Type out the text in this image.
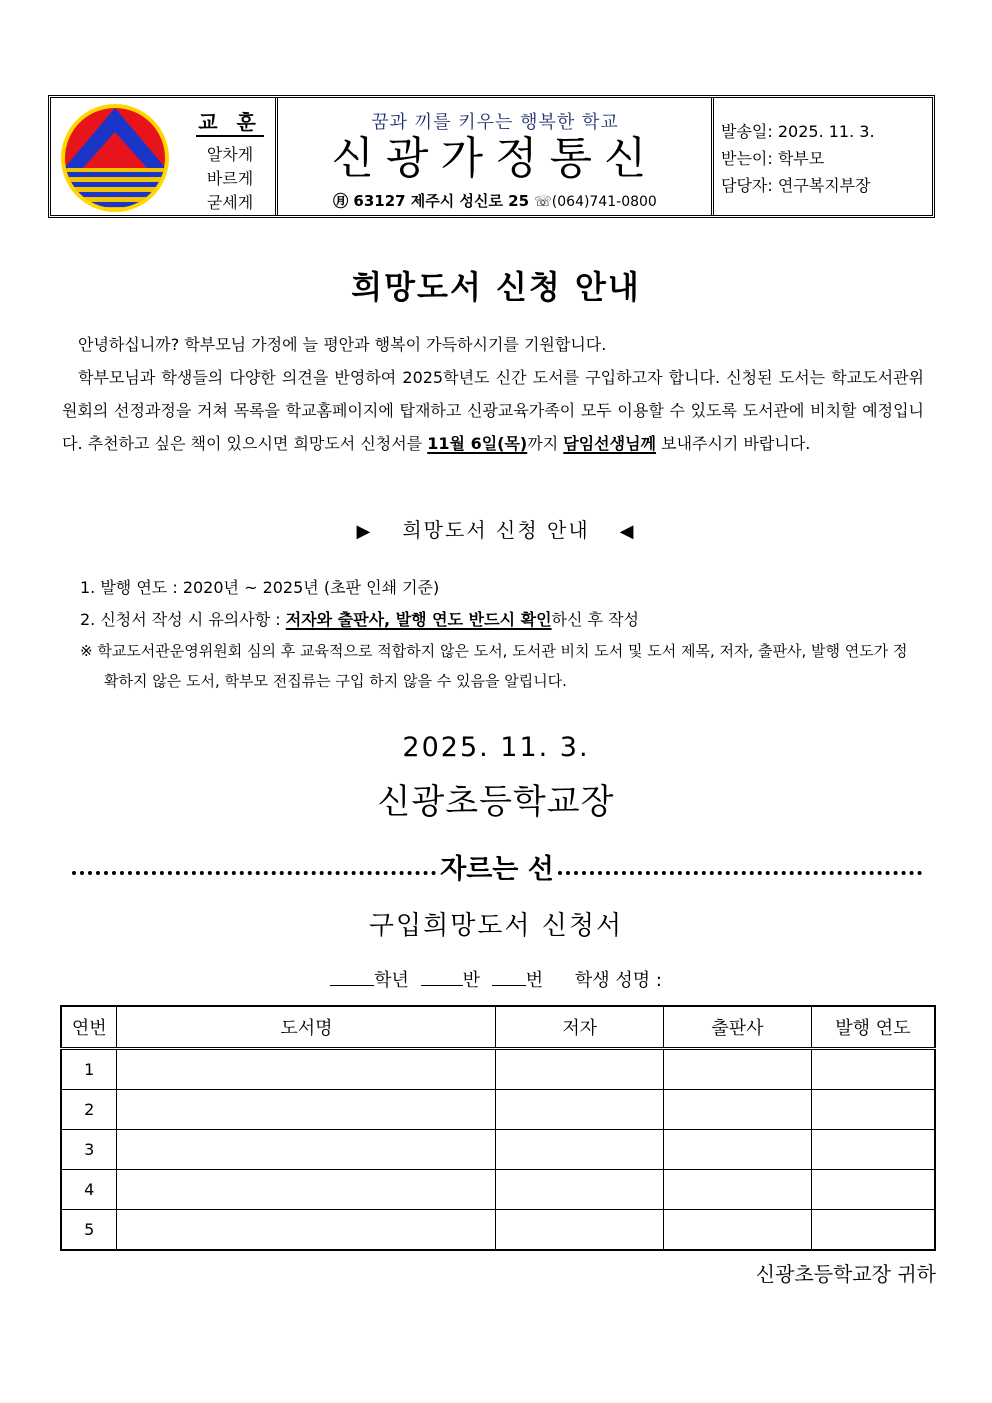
교 훈
알차게
바르게
굳세게
꿈과 끼를 키우는 행복한 학교
신광가정통신
㊊ 63127 제주시 성신로 25 ☏(064)741-0800
발송일: 2025. 11. 3.
받는이: 학부모
담당자: 연구복지부장
희망도서 신청 안내

안녕하십니까? 학부모님 가정에 늘 평안과 행복이 가득하시기를 기원합니다.

학부모님과 학생들의 다양한 의견을 반영하여 2025학년도 신간 도서를 구입하고자 합니다. 신청된 도서는 학교도서관위원회의 선정과정을 거쳐 목록을 학교홈페이지에 탑재하고 신광교육가족이 모두 이용할 수 있도록 도서관에 비치할 예정입니다. 추천하고 싶은 책이 있으시면 희망도서 신청서를 11월 6일(목)까지 담임선생님께 보내주시기 바랍니다.

▶ 희망도서 신청 안내 ◀
1. 발행 연도 : 2020년 ~ 2025년 (초판 인쇄 기준)
2. 신청서 작성 시 유의사항 : 저자와 출판사, 발행 연도 반드시 확인하신 후 작성
※ 학교도서관운영위원회 심의 후 교육적으로 적합하지 않은 도서, 도서관 비치 도서 및 도서 제목, 저자, 출판사, 발행 연도가 정확하지 않은 도서, 학부모 전집류는 구입 하지 않을 수 있음을 알립니다.
2025. 11. 3.
신광초등학교장
자르는 선
구입희망도서 신청서
학년	반	번 학생 성명 :
연번	도서명	저자	출판사	발행 연도
1				
2				
3				
4				
5				
신광초등학교장 귀하
